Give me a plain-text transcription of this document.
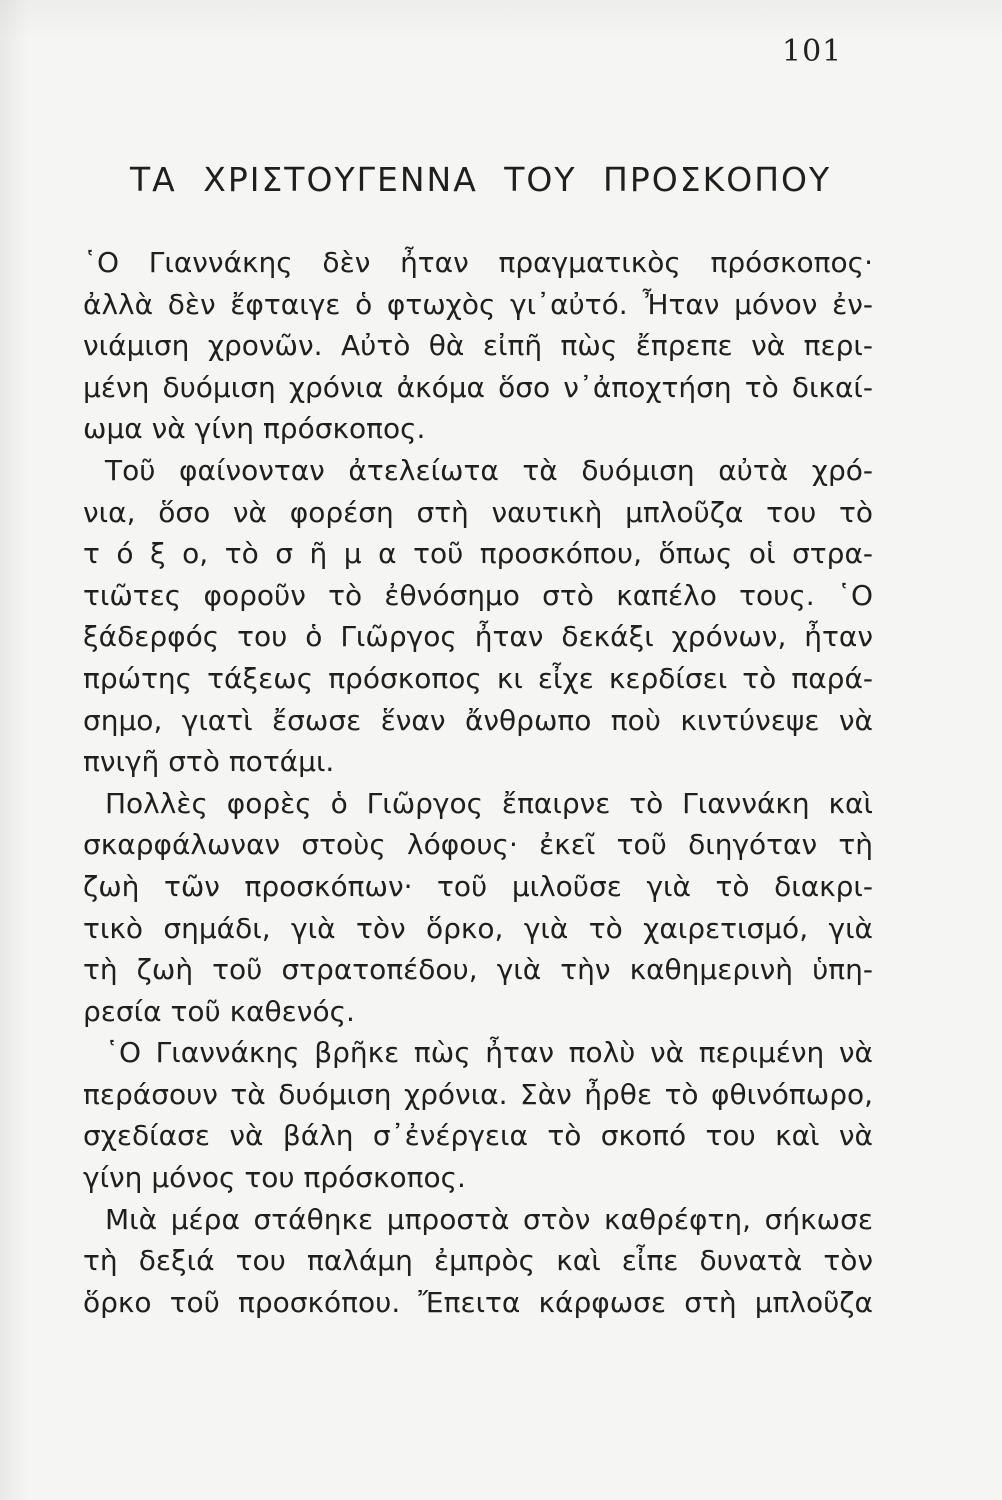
101
ΤΑ ΧΡΙΣΤΟΥΓΕΝΝΑ ΤΟΥ ΠΡΟΣΚΟΠΟΥ
῾Ο Γιαννάκης δὲν ἦταν πραγματικὸς πρόσκοπος·
ἀλλὰ δὲν ἔφταιγε ὁ φτωχὸς γι᾿αὐτό. Ἦταν μόνον ἐν-
νιάμιση χρονῶν. Αὐτὸ θὰ εἰπῆ πὼς ἔπρεπε νὰ περι-
μένη δυόμιση χρόνια ἀκόμα ὅσο ν᾿ἀποχτήση τὸ δικαί-
ωμα νὰ γίνη πρόσκοπος.
Τοῦ φαίνονταν ἀτελείωτα τὰ δυόμιση αὐτὰ χρό-
νια, ὅσο νὰ φορέση στὴ ναυτικὴ μπλοῦζα του τὸ
τ ό ξ ο, τὸ σ ῆ μ α τοῦ προσκόπου, ὅπως οἱ στρα-
τιῶτες φοροῦν τὸ ἐθνόσημο στὸ καπέλο τους. ῾Ο
ξάδερφός του ὁ Γιῶργος ἦταν δεκάξι χρόνων, ἦταν
πρώτης τάξεως πρόσκοπος κι εἶχε κερδίσει τὸ παρά-
σημο, γιατὶ ἔσωσε ἕναν ἄνθρωπο ποὺ κιντύνεψε νὰ
πνιγῆ στὸ ποτάμι.
Πολλὲς φορὲς ὁ Γιῶργος ἔπαιρνε τὸ Γιαννάκη καὶ
σκαρφάλωναν στοὺς λόφους· ἐκεῖ τοῦ διηγόταν τὴ
ζωὴ τῶν προσκόπων· τοῦ μιλοῦσε γιὰ τὸ διακρι-
τικὸ σημάδι, γιὰ τὸν ὅρκο, γιὰ τὸ χαιρετισμό, γιὰ
τὴ ζωὴ τοῦ στρατοπέδου, γιὰ τὴν καθημερινὴ ὑπη-
ρεσία τοῦ καθενός.
῾Ο Γιαννάκης βρῆκε πὼς ἦταν πολὺ νὰ περιμένη νὰ
περάσουν τὰ δυόμιση χρόνια. Σὰν ἦρθε τὸ φθινόπωρο,
σχεδίασε νὰ βάλη σ᾿ἐνέργεια τὸ σκοπό του καὶ νὰ
γίνη μόνος του πρόσκοπος.
Μιὰ μέρα στάθηκε μπροστὰ στὸν καθρέφτη, σήκωσε
τὴ δεξιά του παλάμη ἐμπρὸς καὶ εἶπε δυνατὰ τὸν
ὅρκο τοῦ προσκόπου. Ἔπειτα κάρφωσε στὴ μπλοῦζα
